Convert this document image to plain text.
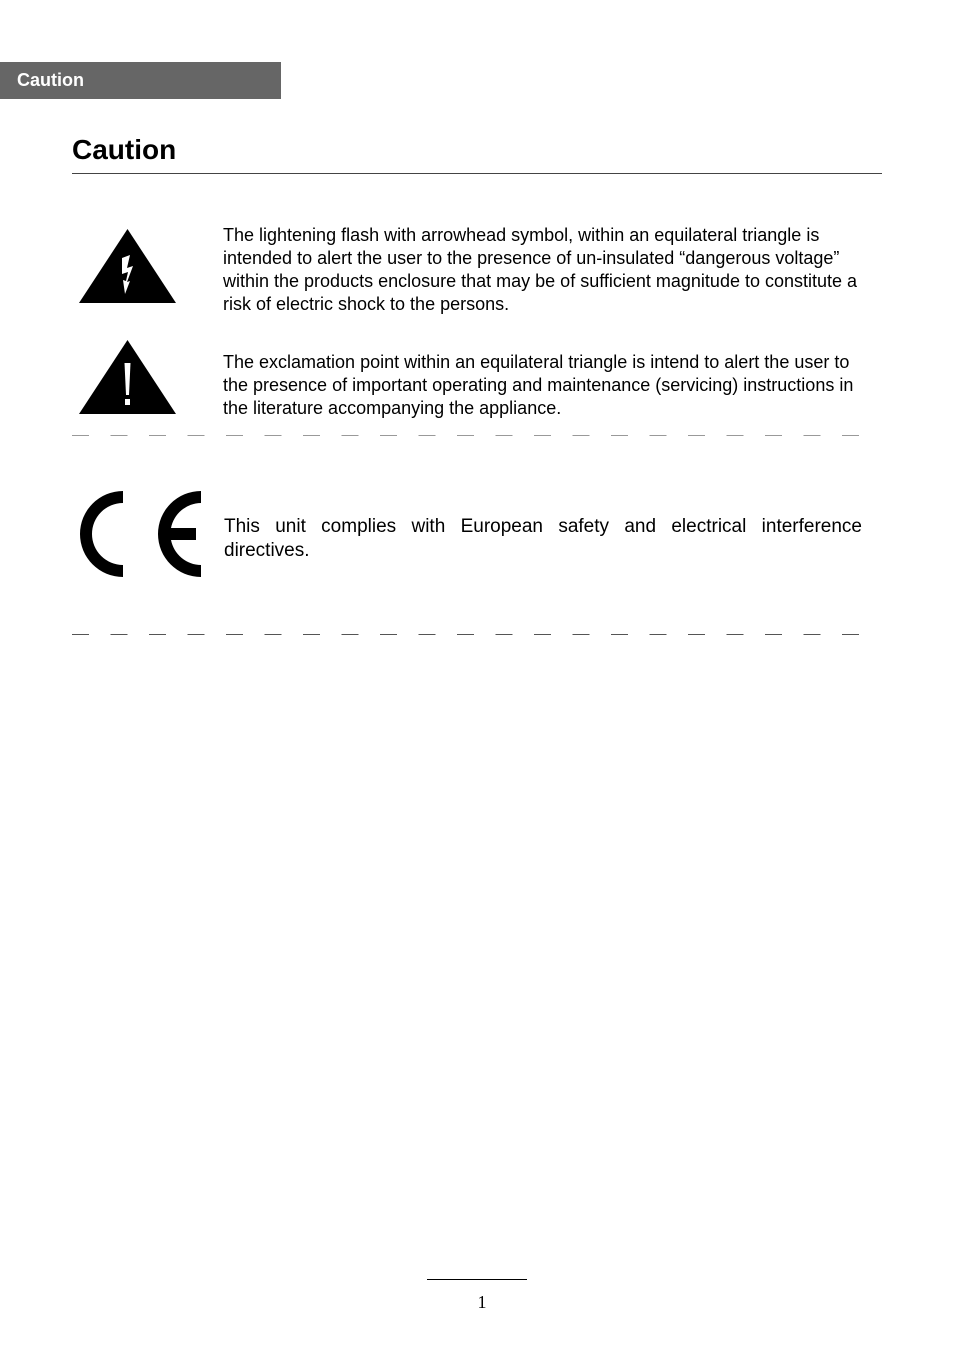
Caution
Caution

The lightening flash with arrowhead symbol, within an equilateral triangle is intended to alert the user to the presence of un-insulated “dangerous voltage” within the products enclosure that may be of sufficient magnitude to constitute a risk of electric shock to the persons.

The exclamation point within an equilateral triangle is intend to alert the user to the presence of important operating and maintenance (servicing) instructions in the literature accompanying the appliance.

This unit complies with European safety and electrical interference directives.

1
